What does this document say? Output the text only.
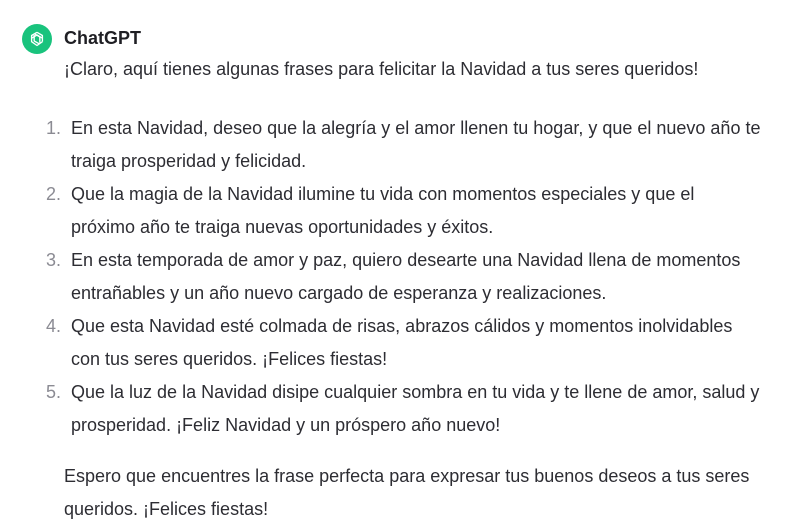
ChatGPT
¡Claro, aquí tienes algunas frases para felicitar la Navidad a tus seres queridos!
1. En esta Navidad, deseo que la alegría y el amor llenen tu hogar, y que el nuevo año te
traiga prosperidad y felicidad.
2. Que la magia de la Navidad ilumine tu vida con momentos especiales y que el
próximo año te traiga nuevas oportunidades y éxitos.
3. En esta temporada de amor y paz, quiero desearte una Navidad llena de momentos
entrañables y un año nuevo cargado de esperanza y realizaciones.
4. Que esta Navidad esté colmada de risas, abrazos cálidos y momentos inolvidables
con tus seres queridos. ¡Felices fiestas!
5. Que la luz de la Navidad disipe cualquier sombra en tu vida y te llene de amor, salud y
prosperidad. ¡Feliz Navidad y un próspero año nuevo!
Espero que encuentres la frase perfecta para expresar tus buenos deseos a tus seres
queridos. ¡Felices fiestas!
